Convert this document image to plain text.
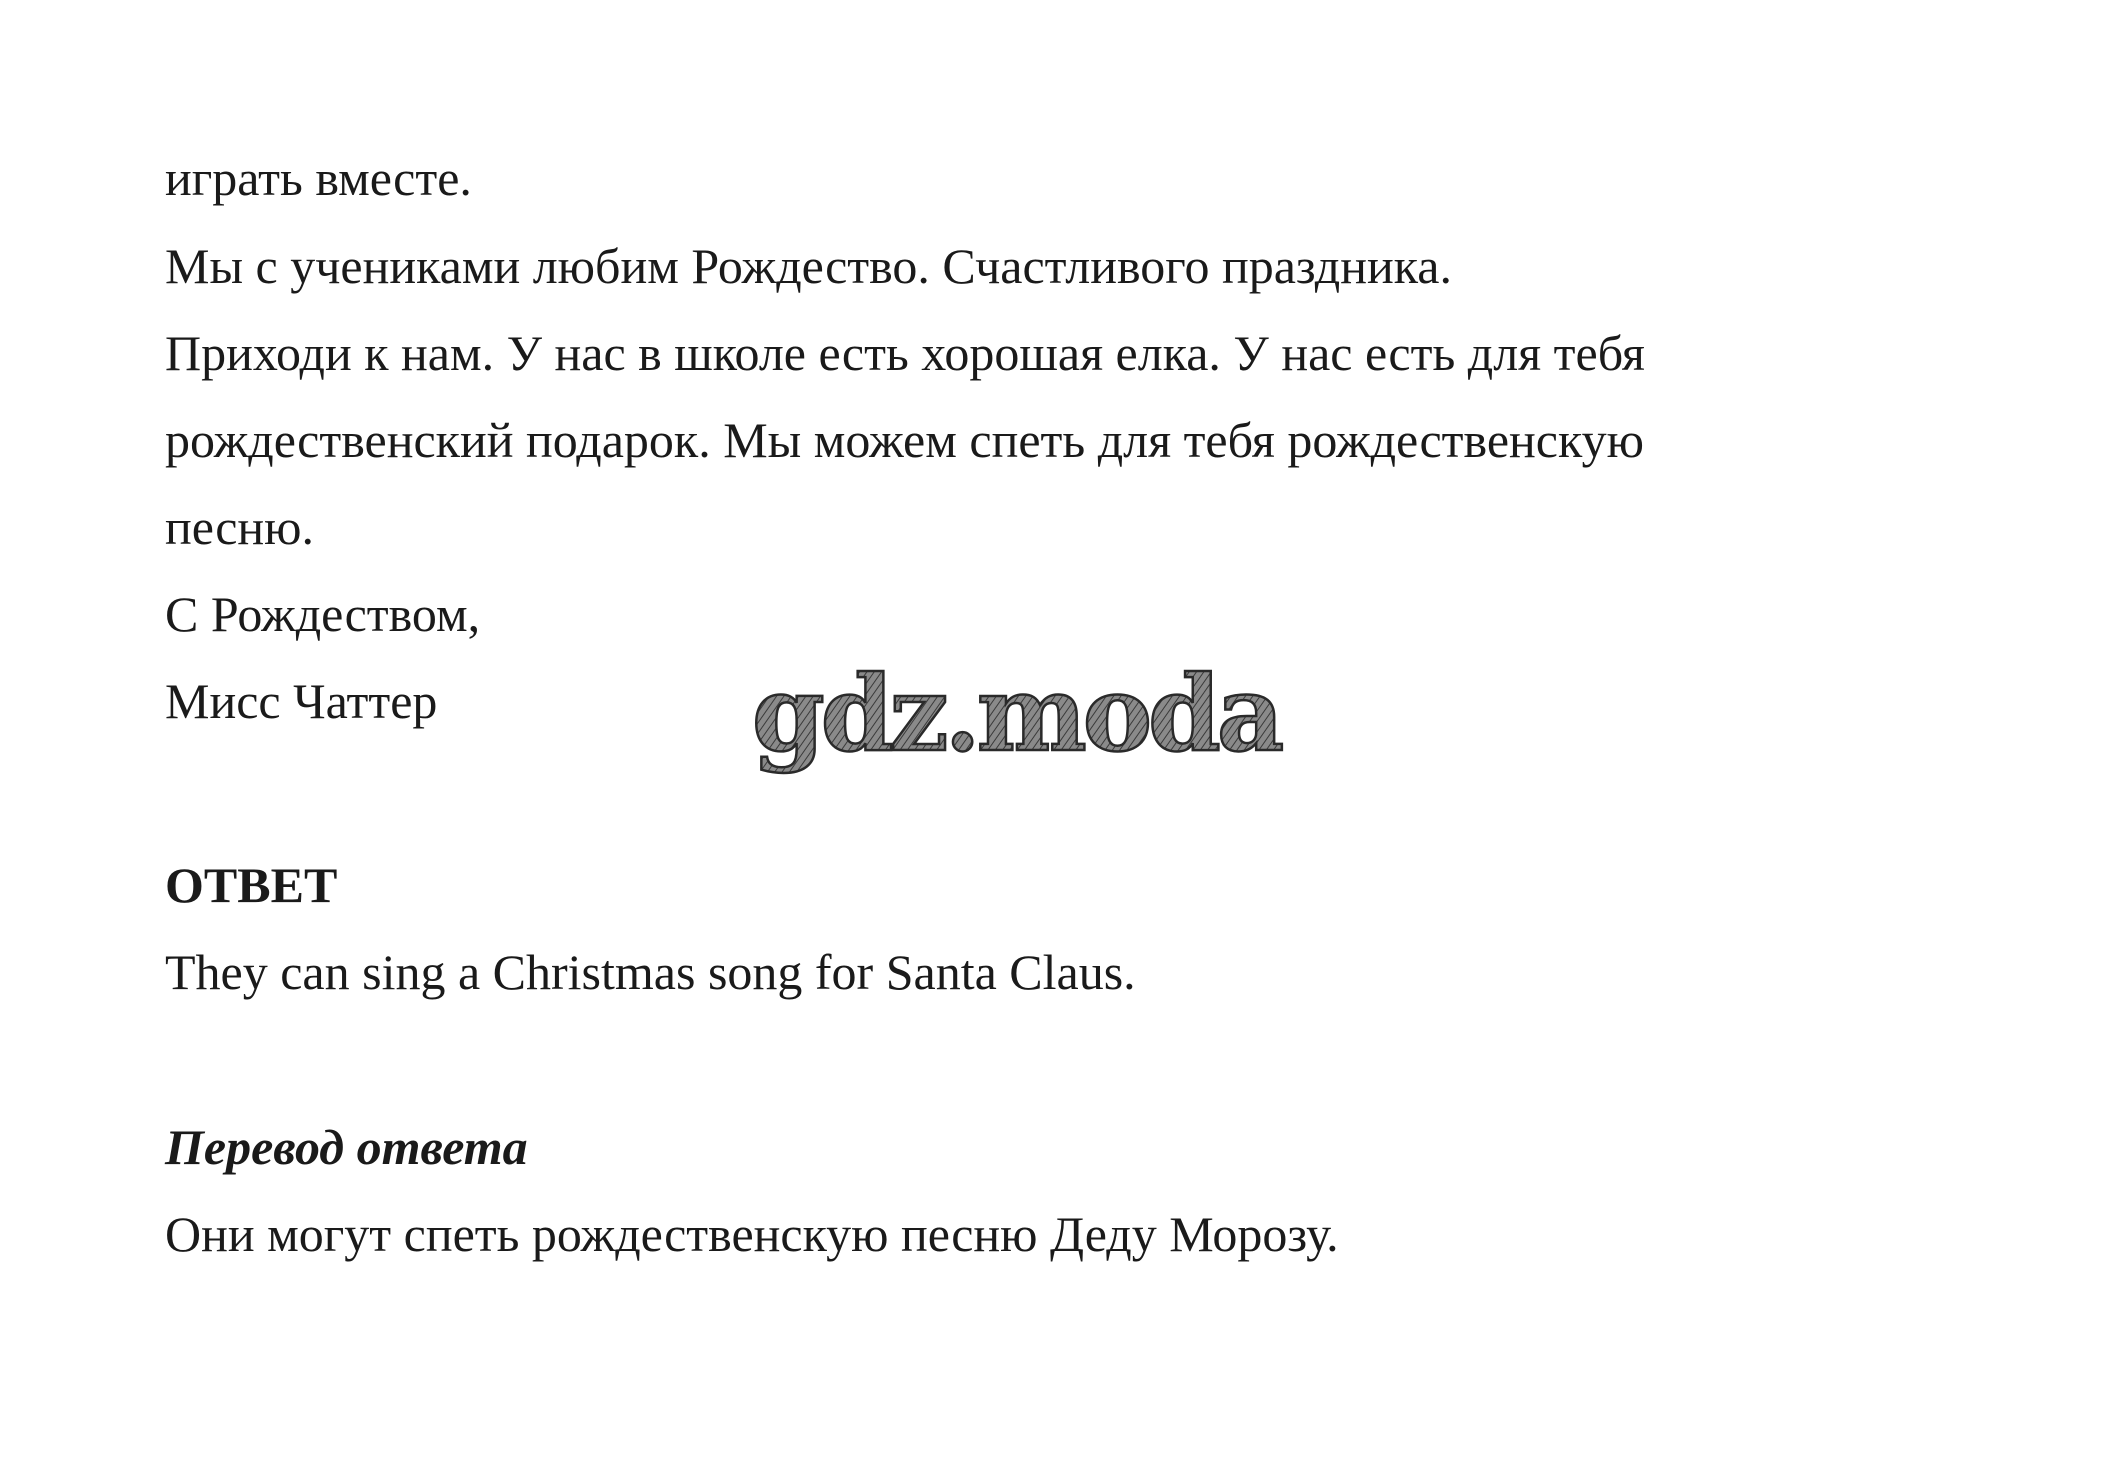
играть вместе.
Мы с учениками любим Рождество. Счастливого праздника.
Приходи к нам. У нас в школе есть хорошая елка. У нас есть для тебя
рождественский подарок. Мы можем спеть для тебя рождественскую
песню.
С Рождеством,
Мисс Чаттер	gdz.moda
ОТВЕТ
They can sing a Christmas song for Santa Claus.
Перевод ответа
Они могут спеть рождественскую песню Деду Морозу.
